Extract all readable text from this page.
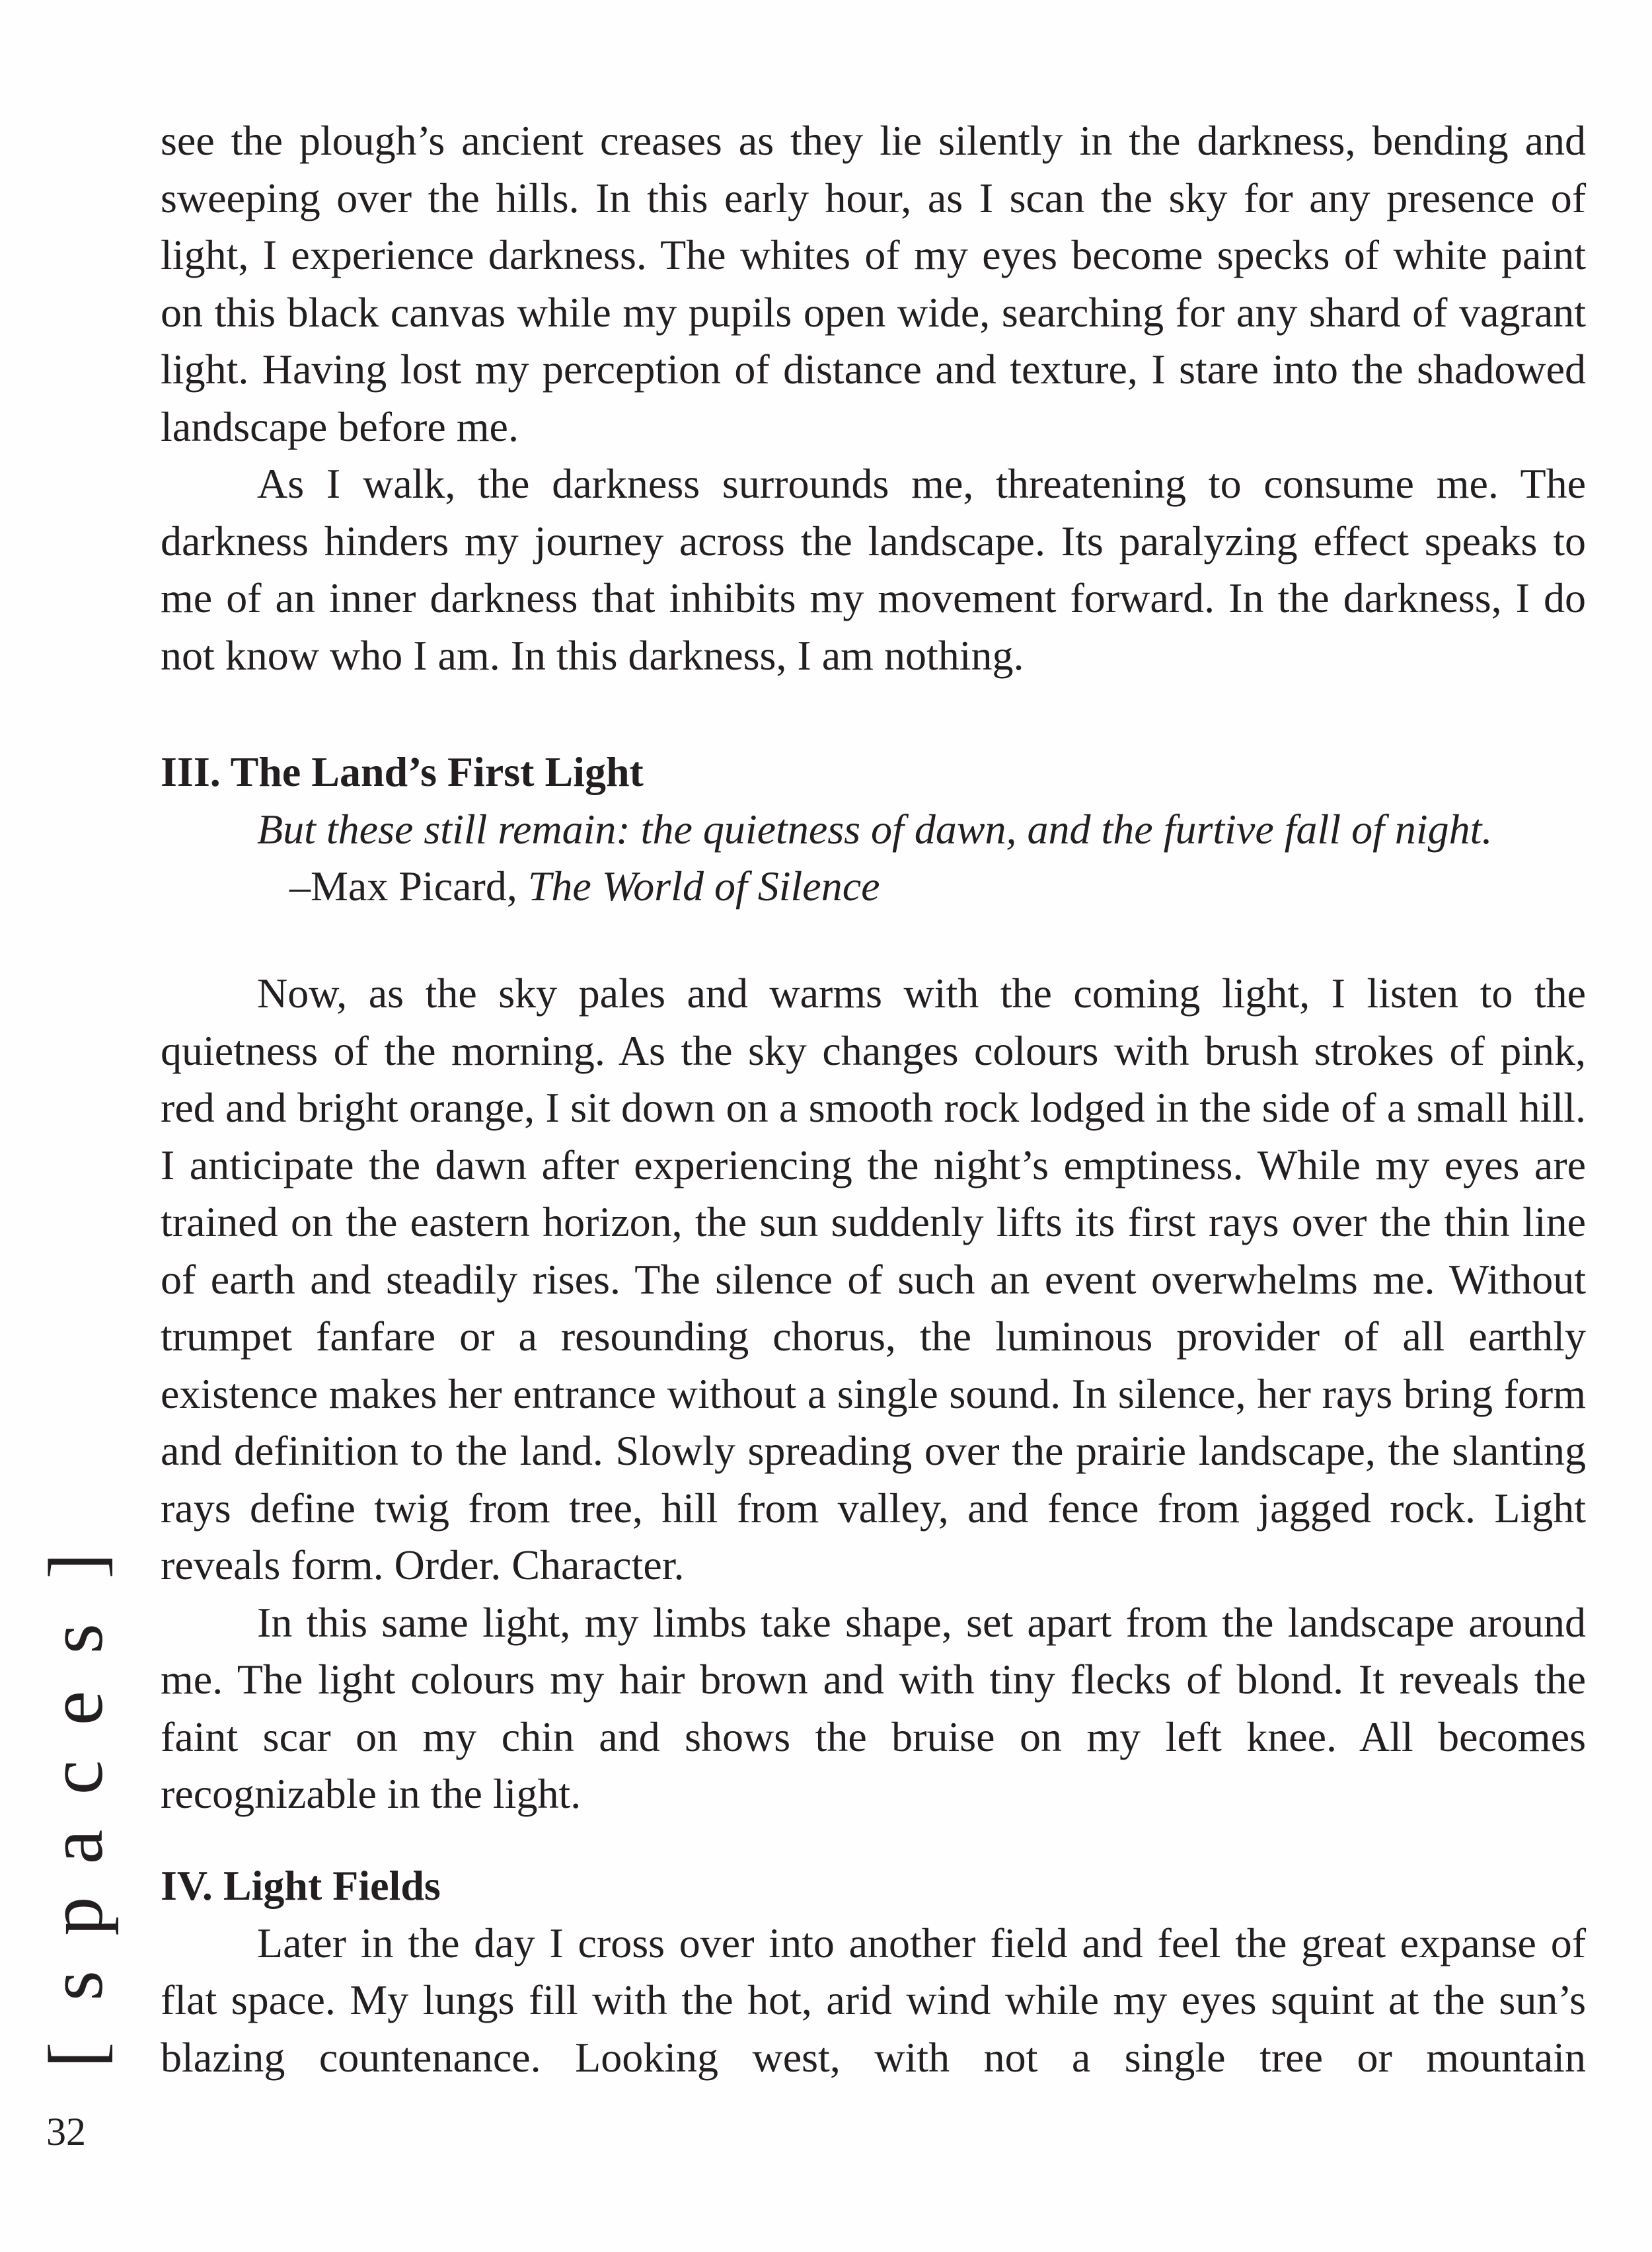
see the plough’s ancient creases as they lie silently in the darkness, bending and sweeping over the hills. In this early hour, as I scan the sky for any presence of light, I experience darkness. The whites of my eyes become specks of white paint on this black canvas while my pupils open wide, searching for any shard of vagrant light. Having lost my perception of distance and texture, I stare into the shadowed landscape before me.

As I walk, the darkness surrounds me, threatening to consume me. The darkness hinders my journey across the landscape. Its paralyzing effect speaks to me of an inner darkness that inhibits my movement forward. In the darkness, I do not know who I am. In this darkness, I am nothing.

III. The Land’s First Light

But these still remain: the quietness of dawn, and the furtive fall of night.

–Max Picard, The World of Silence

Now, as the sky pales and warms with the coming light, I listen to the quietness of the morning. As the sky changes colours with brush strokes of pink, red and bright orange, I sit down on a smooth rock lodged in the side of a small hill. I anticipate the dawn after experiencing the night’s emptiness. While my eyes are trained on the eastern horizon, the sun suddenly lifts its first rays over the thin line of earth and steadily rises. The silence of such an event overwhelms me. Without trumpet fanfare or a resounding chorus, the luminous provider of all earthly existence makes her entrance without a single sound. In silence, her rays bring form and definition to the land. Slowly spreading over the prairie landscape, the slanting rays define twig from tree, hill from valley, and fence from jagged rock. Light reveals form. Order. Character.

In this same light, my limbs take shape, set apart from the landscape around me. The light colours my hair brown and with tiny flecks of blond. It reveals the faint scar on my chin and shows the bruise on my left knee. All becomes recognizable in the light.

IV. Light Fields

Later in the day I cross over into another field and feel the great expanse of flat space. My lungs fill with the hot, arid wind while my eyes squint at the sun’s blazing countenance. Looking west, with not a single tree or mountain

[
s
p
a
c
e
s
]
32
